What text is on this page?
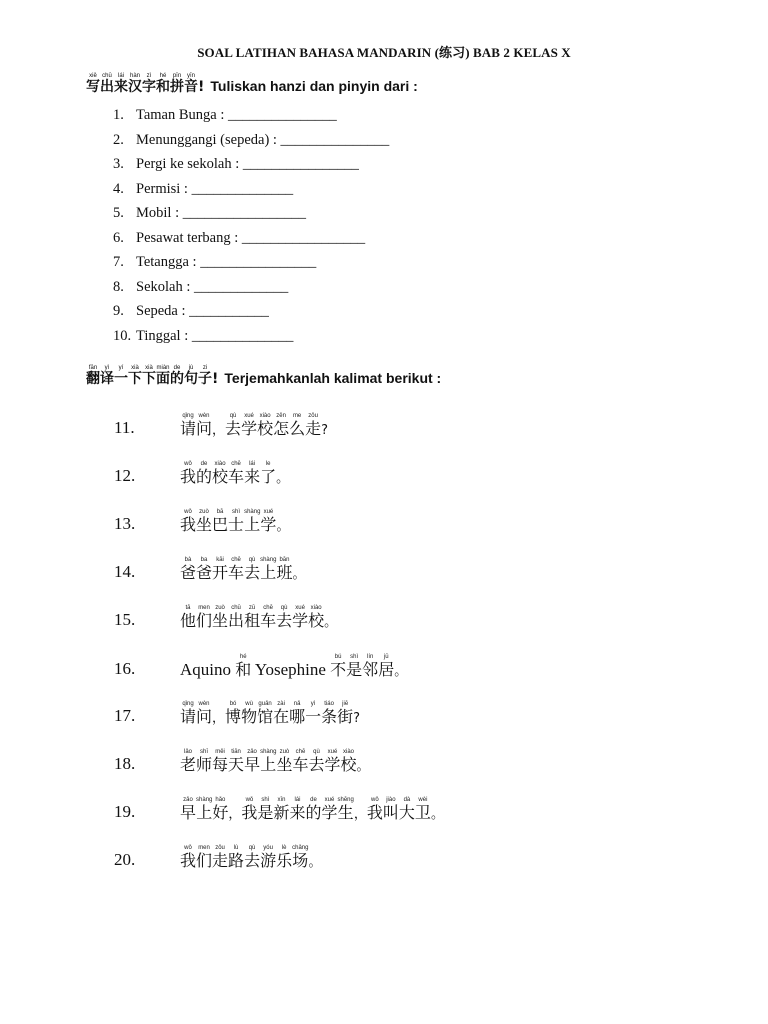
SOAL LATIHAN BAHASA MANDARIN (练习) BAB 2 KELAS X
xiě
写
chū
出
lái
来
hàn
汉
zì
字
hé
和
pīn
拼
yīn
音 ! Tuliskan hanzi dan pinyin dari :
1. Taman Bunga : _______________
2. Menunggangi (sepeda) : _______________
3. Pergi ke sekolah : ________________
4. Permisi : ______________
5. Mobil : _________________
6. Pesawat terbang : _________________
7. Tetangga : ________________
8. Sekolah : _____________
9. Sepeda : ___________
10. Tinggal : ______________
fān
翻
yì
译
yí
一
xià
下
xià
下
miàn
面
de
的
jù
句
zi
子 ! Terjemahkanlah kalimat berikut :
11.
qǐng
请
wèn
问 ，
qù
去
xué
学
xiào
校
zěn
怎
me
么
zǒu
走 ?
12.
wǒ
我
de
的
xiào
校
chē
车
lái
来
le
了 。
13.
wǒ
我
zuò
坐
bā
巴
shì
士
shàng
上
xué
学 。
14.
bà
爸
ba
爸
kāi
开
chē
车
qù
去
shàng
上
bān
班 。
15.
tā
他
men
们
zuò
坐
chū
出
zū
租
chē
车
qù
去
xué
学
xiào
校 。
16.	Aquino
hé
和 Yosephine
bú
不
shì
是
lín
邻
jū
居 。
17.
qǐng
请
wèn
问 ，
bó
博
wù
物
guǎn
馆
zài
在
nǎ
哪
yì
一
tiáo
条
jiē
街 ?
18.
lǎo
老
shī
师
měi
每
tiān
天
zǎo
早
shàng
上
zuò
坐
chē
车
qù
去
xué
学
xiào
校 。
19.
zǎo
早
shàng
上
hǎo
好 ，
wǒ
我
shì
是
xīn
新
lái
来
de
的
xué
学
shēng
生 ，
wǒ
我
jiào
叫
dà
大
wèi
卫 。
20.
wǒ
我
men
们
zǒu
走
lù
路
qù
去
yóu
游
lè
乐
chǎng
场 。
